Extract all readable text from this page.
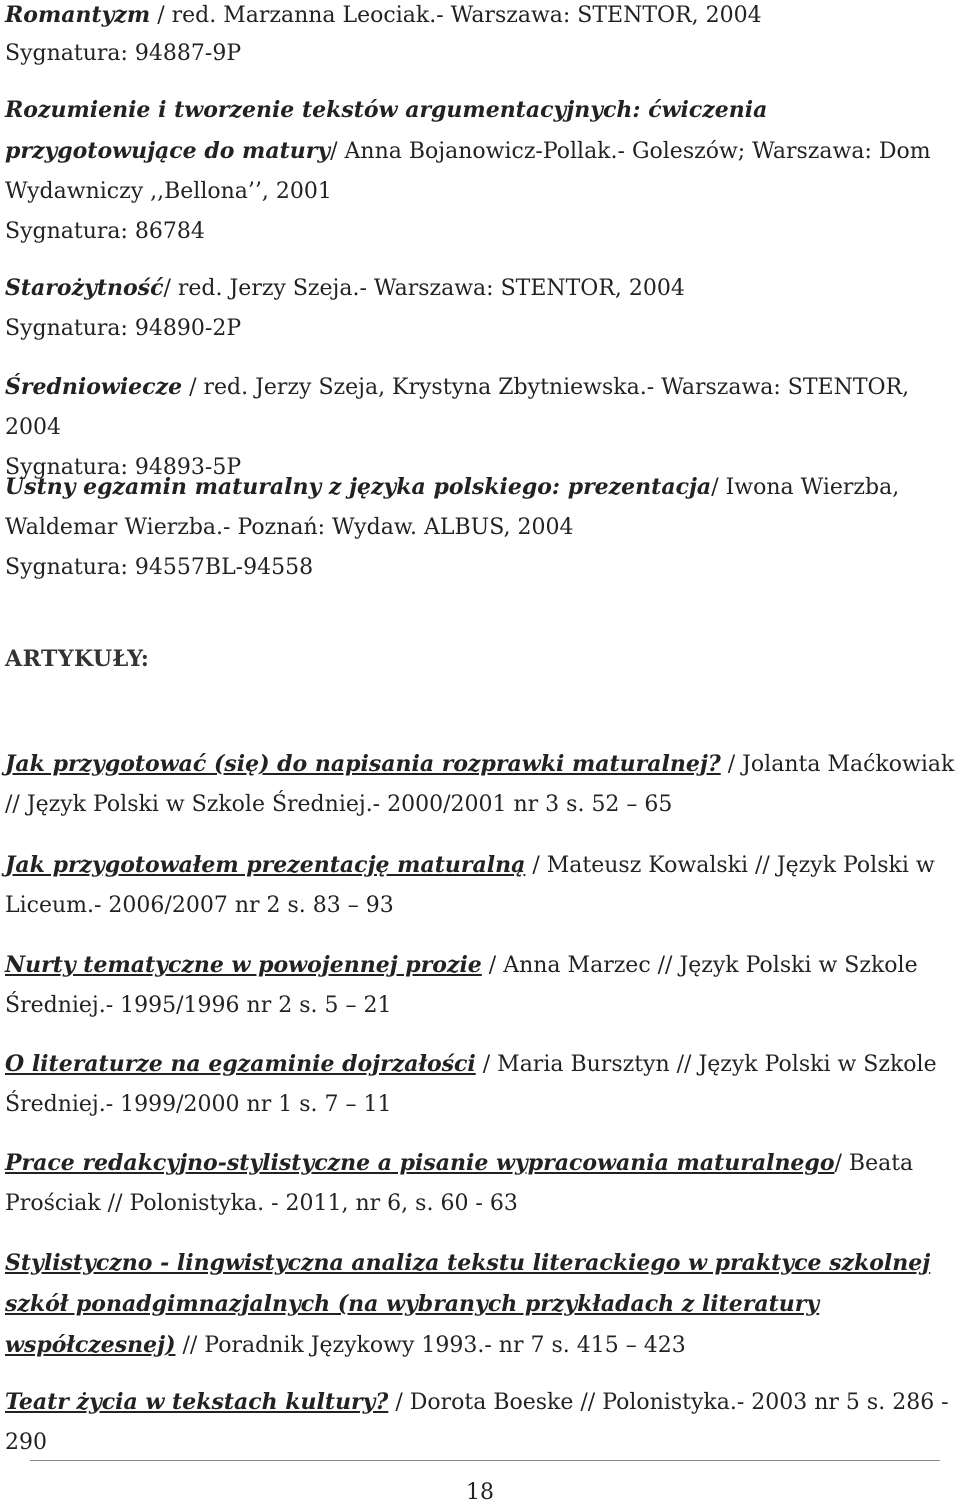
Romantyzm / red. Marzanna Leociak.- Warszawa: STENTOR, 2004
Sygnatura: 94887-9P
Rozumienie i tworzenie tekstów argumentacyjnych: ćwiczenia przygotowujące do matury/ Anna Bojanowicz-Pollak.- Goleszów; Warszawa: Dom Wydawniczy ,,Bellona’’, 2001
Sygnatura: 86784
Starożytność/ red. Jerzy Szeja.- Warszawa: STENTOR, 2004
Sygnatura: 94890-2P
Średniowiecze / red. Jerzy Szeja, Krystyna Zbytniewska.- Warszawa: STENTOR, 2004
Sygnatura: 94893-5P
Ustny egzamin maturalny z języka polskiego: prezentacja/ Iwona Wierzba, Waldemar Wierzba.- Poznań: Wydaw. ALBUS, 2004
Sygnatura: 94557BL-94558
ARTYKUŁY:
Jak przygotować (się) do napisania rozprawki maturalnej? / Jolanta Maćkowiak // Język Polski w Szkole Średniej.- 2000/2001 nr 3 s. 52 – 65
Jak przygotowałem prezentację maturalną / Mateusz Kowalski // Język Polski w Liceum.- 2006/2007 nr 2 s. 83 – 93
Nurty tematyczne w powojennej prozie / Anna Marzec // Język Polski w Szkole Średniej.- 1995/1996 nr 2 s. 5 – 21
O literaturze na egzaminie dojrzałości / Maria Bursztyn // Język Polski w Szkole Średniej.- 1999/2000 nr 1 s. 7 – 11
Prace redakcyjno-stylistyczne a pisanie wypracowania maturalnego/ Beata Prościak // Polonistyka. - 2011, nr 6, s. 60 - 63
Stylistyczno - lingwistyczna analiza tekstu literackiego w praktyce szkolnej szkół ponadgimnazjalnych (na wybranych przykładach z literatury współczesnej) // Poradnik Językowy 1993.- nr 7 s. 415 – 423
Teatr życia w tekstach kultury? / Dorota Boeske // Polonistyka.- 2003 nr 5 s. 286 - 290
18
